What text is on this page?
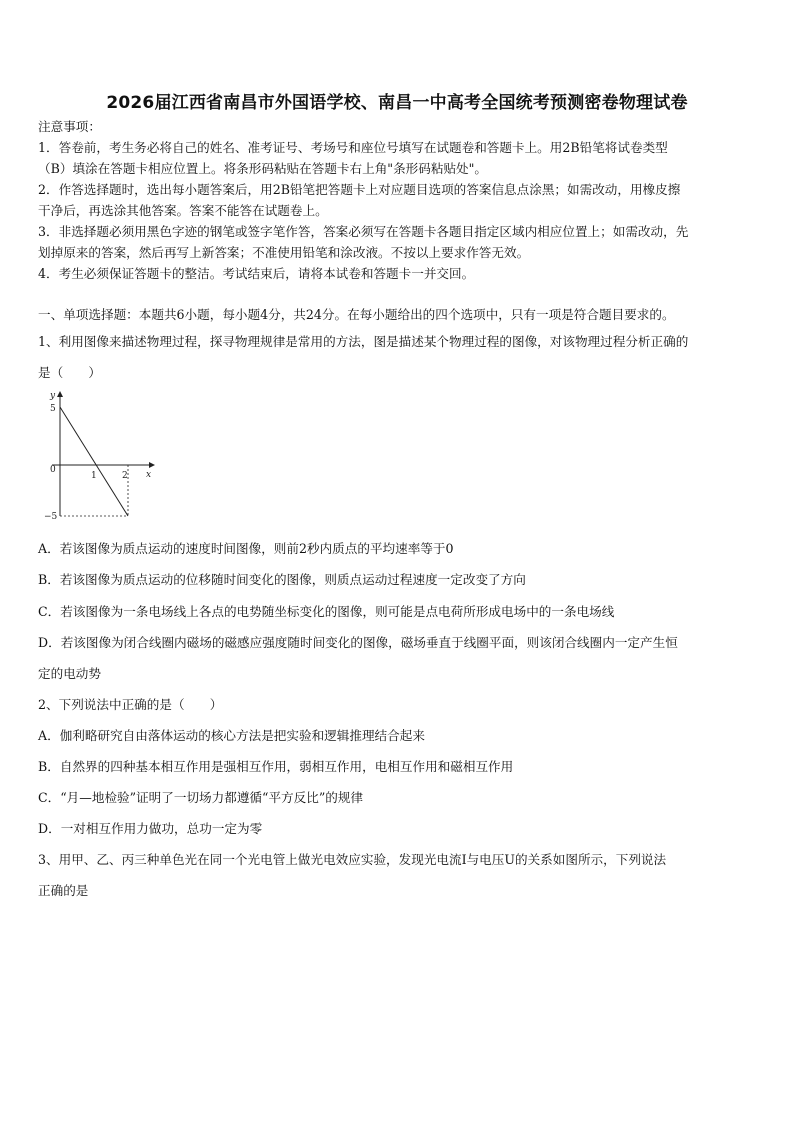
2026届江西省南昌市外国语学校、南昌一中高考全国统考预测密卷物理试卷
注意事项：
1．答卷前，考生务必将自己的姓名、准考证号、考场号和座位号填写在试题卷和答题卡上。用2B铅笔将试卷类型
（B）填涂在答题卡相应位置上。将条形码粘贴在答题卡右上角"条形码粘贴处"。
2．作答选择题时，选出每小题答案后，用2B铅笔把答题卡上对应题目选项的答案信息点涂黑；如需改动，用橡皮擦
干净后，再选涂其他答案。答案不能答在试题卷上。
3．非选择题必须用黑色字迹的钢笔或签字笔作答，答案必须写在答题卡各题目指定区域内相应位置上；如需改动，先
划掉原来的答案，然后再写上新答案；不准使用铅笔和涂改液。不按以上要求作答无效。
4．考生必须保证答题卡的整洁。考试结束后，请将本试卷和答题卡一并交回。
一、单项选择题：本题共6小题，每小题4分，共24分。在每小题给出的四个选项中，只有一项是符合题目要求的。
1、利用图像来描述物理过程，探寻物理规律是常用的方法，图是描述某个物理过程的图像，对该物理过程分析正确的
是（　　）
y
x
0
5
−5
1	2
A．若该图像为质点运动的速度时间图像，则前2秒内质点的平均速率等于0
B．若该图像为质点运动的位移随时间变化的图像，则质点运动过程速度一定改变了方向
C．若该图像为一条电场线上各点的电势随坐标变化的图像，则可能是点电荷所形成电场中的一条电场线
D．若该图像为闭合线圈内磁场的磁感应强度随时间变化的图像，磁场垂直于线圈平面，则该闭合线圈内一定产生恒
定的电动势
2、下列说法中正确的是（　　）
A．伽利略研究自由落体运动的核心方法是把实验和逻辑推理结合起来
B．自然界的四种基本相互作用是强相互作用，弱相互作用，电相互作用和磁相互作用
C．“月—地检验”证明了一切场力都遵循“平方反比”的规律
D．一对相互作用力做功，总功一定为零
3、用甲、乙、丙三种单色光在同一个光电管上做光电效应实验，发现光电流I与电压U的关系如图所示，下列说法
正确的是
